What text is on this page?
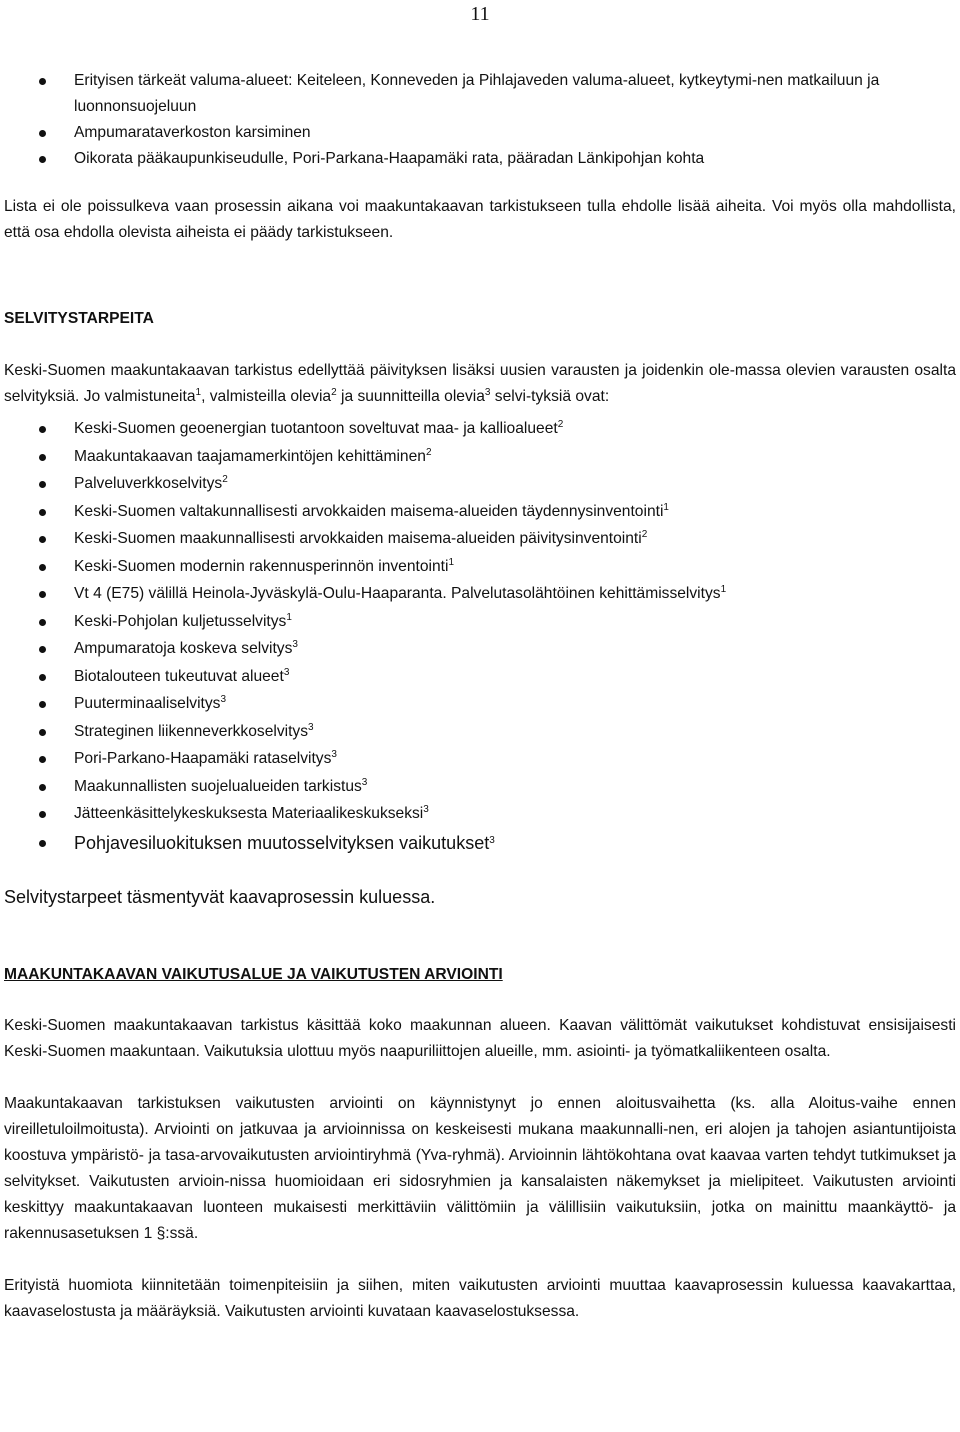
11

Erityisen tärkeät valuma-alueet: Keiteleen, Konneveden ja Pihlajaveden valuma-alueet, kytkeytymi-nen matkailuun ja luonnonsuojeluun
Ampumarataverkoston karsiminen
Oikorata pääkaupunkiseudulle, Pori-Parkana-Haapamäki rata, pääradan Länkipohjan kohta

Lista ei ole poissulkeva vaan prosessin aikana voi maakuntakaavan tarkistukseen tulla ehdolle lisää aiheita. Voi myös olla mahdollista, että osa ehdolla olevista aiheista ei päädy tarkistukseen.

SELVITYSTARPEITA

Keski-Suomen maakuntakaavan tarkistus edellyttää päivityksen lisäksi uusien varausten ja joidenkin ole-massa olevien varausten osalta selvityksiä. Jo valmistuneita$^1$, valmisteilla olevia$^2$ ja suunnitteilla olevia$^3$ selvi-tyksiä ovat:

Keski-Suomen geoenergian tuotantoon soveltuvat maa- ja kallioalueet$^2$
Maakuntakaavan taajamamerkintöjen kehittäminen$^2$
Palveluverkkoselvitys$^2$
Keski-Suomen valtakunnallisesti arvokkaiden maisema-alueiden täydennysinventointi$^1$
Keski-Suomen maakunnallisesti arvokkaiden maisema-alueiden päivitysinventointi$^2$
Keski-Suomen modernin rakennusperinnön inventointi$^1$
Vt 4 (E75) välillä Heinola-Jyväskylä-Oulu-Haaparanta. Palvelutasolähtöinen kehittämisselvitys$^1$
Keski-Pohjolan kuljetusselvitys$^1$
Ampumaratoja koskeva selvitys$^3$
Biotalouteen tukeutuvat alueet$^3$
Puuterminaaliselvitys$^3$
Strateginen liikenneverkkoselvitys$^3$
Pori-Parkano-Haapamäki rataselvitys$^3$
Maakunnallisten suojelualueiden tarkistus$^3$
Jätteenkäsittelykeskuksesta Materiaalikeskukseksi$^3$
Pohjavesiluokituksen muutosselvityksen vaikutukset$^3$

Selvitystarpeet täsmentyvät kaavaprosessin kuluessa.

MAAKUNTAKAAVAN VAIKUTUSALUE JA VAIKUTUSTEN ARVIOINTI

Keski-Suomen maakuntakaavan tarkistus käsittää koko maakunnan alueen. Kaavan välittömät vaikutukset kohdistuvat ensisijaisesti Keski-Suomen maakuntaan. Vaikutuksia ulottuu myös naapuriliittojen alueille, mm. asiointi- ja työmatkaliikenteen osalta.

Maakuntakaavan tarkistuksen vaikutusten arviointi on käynnistynyt jo ennen aloitusvaihetta (ks. alla Aloitus-vaihe ennen vireilletuloilmoitusta). Arviointi on jatkuvaa ja arvioinnissa on keskeisesti mukana maakunnalli-nen, eri alojen ja tahojen asiantuntijoista koostuva ympäristö- ja tasa-arvovaikutusten arviointiryhmä (Yva-ryhmä). Arvioinnin lähtökohtana ovat kaavaa varten tehdyt tutkimukset ja selvitykset. Vaikutusten arvioin-nissa huomioidaan eri sidosryhmien ja kansalaisten näkemykset ja mielipiteet. Vaikutusten arviointi keskittyy maakuntakaavan luonteen mukaisesti merkittäviin välittömiin ja välillisiin vaikutuksiin, jotka on mainittu maankäyttö- ja rakennusasetuksen 1 §:ssä.

Erityistä huomiota kiinnitetään toimenpiteisiin ja siihen, miten vaikutusten arviointi muuttaa kaavaprosessin kuluessa kaavakarttaa, kaavaselostusta ja määräyksiä. Vaikutusten arviointi kuvataan kaavaselostuksessa.
